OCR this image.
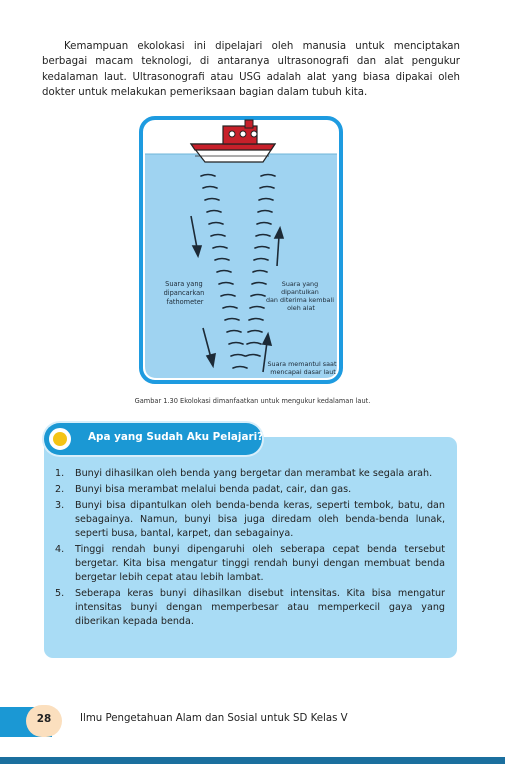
Kemampuan ekolokasi ini dipelajari oleh manusia untuk menciptakan berbagai macam teknologi, di antaranya ultrasonografi dan alat pengukur kedalaman laut. Ultrasonografi atau USG adalah alat yang biasa dipakai oleh dokter untuk melakukan pemeriksaan bagian dalam tubuh kita.

Suara yang dipancarkan fathometer
Suara yang dipantulkan dan diterima kembali oleh alat
Suara memantul saat mencapai dasar laut
Gambar 1.30 Ekolokasi dimanfaatkan untuk mengukur kedalaman laut.
Apa yang Sudah Aku Pelajari?
1. Bunyi dihasilkan oleh benda yang bergetar dan merambat ke segala arah.
2. Bunyi bisa merambat melalui benda padat, cair, dan gas.
3. Bunyi bisa dipantulkan oleh benda-benda keras, seperti tembok, batu, dan sebagainya. Namun, bunyi bisa juga diredam oleh benda-benda lunak, seperti busa, bantal, karpet, dan sebagainya.
4. Tinggi rendah bunyi dipengaruhi oleh seberapa cepat benda tersebut bergetar. Kita bisa mengatur tinggi rendah bunyi dengan membuat benda bergetar lebih cepat atau lebih lambat.
5. Seberapa keras bunyi dihasilkan disebut intensitas. Kita bisa mengatur intensitas bunyi dengan memperbesar atau memperkecil gaya yang diberikan kepada benda.
28	Ilmu Pengetahuan Alam dan Sosial untuk SD Kelas V
